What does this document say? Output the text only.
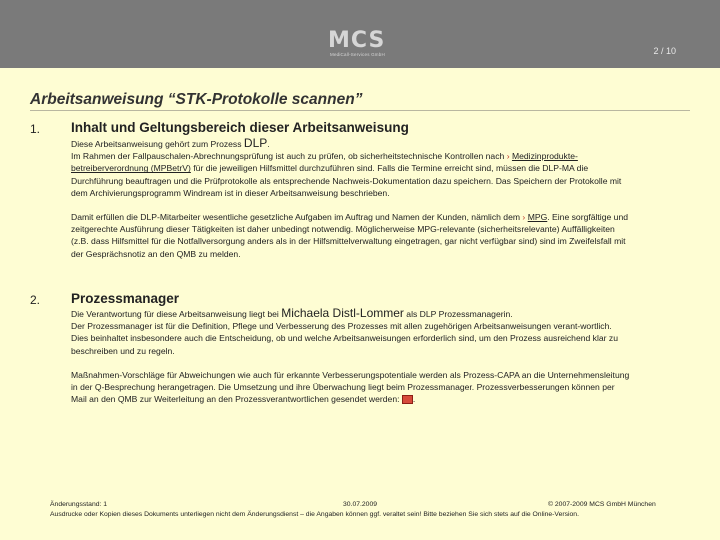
MCS
MediCall-Services GmbH	2 / 10
Arbeitsanweisung “STK-Protokolle scannen”
1. Inhalt und Geltungsbereich dieser Arbeitsanweisung

Diese Arbeitsanweisung gehört zum Prozess DLP.

Im Rahmen der Fallpauschalen-Abrechnungsprüfung ist auch zu prüfen, ob sicherheitstechnische Kontrollen nach › Medizinprodukte-betreiberverordnung (MPBetrV) für die jeweiligen Hilfsmittel durchzuführen sind. Falls die Termine erreicht sind, müssen die DLP-MA die Durchführung beauftragen und die Prüfprotokolle als entsprechende Nachweis-Dokumentation dazu speichern. Das Speichern der Protokolle mit dem Archivierungsprogramm Windream ist in dieser Arbeitsanweisung beschrieben.

Damit erfüllen die DLP-Mitarbeiter wesentliche gesetzliche Aufgaben im Auftrag und Namen der Kunden, nämlich dem › MPG. Eine sorgfältige und zeitgerechte Ausführung dieser Tätigkeiten ist daher unbedingt notwendig. Möglicherweise MPG-relevante (sicherheitsrelevante) Auffälligkeiten (z.B. dass Hilfsmittel für die Notfallversorgung anders als in der Hilfsmittelverwaltung eingetragen, gar nicht verfügbar sind) sind im Zweifelsfall mit der Gesprächsnotiz an den QMB zu melden.

2. Prozessmanager

Die Verantwortung für diese Arbeitsanweisung liegt bei Michaela Distl-Lommer als DLP Prozessmanagerin.

Der Prozessmanager ist für die Definition, Pflege und Verbesserung des Prozesses mit allen zugehörigen Arbeitsanweisungen verant-wortlich. Dies beinhaltet insbesondere auch die Entscheidung, ob und welche Arbeitsanweisungen erforderlich sind, um den Prozess ausreichend klar zu beschreiben und zu regeln.

Maßnahmen-Vorschläge für Abweichungen wie auch für erkannte Verbesserungspotentiale werden als Prozess-CAPA an die Unternehmensleitung in der Q-Besprechung herangetragen. Die Umsetzung und ihre Überwachung liegt beim Prozessmanager. Prozessverbesserungen können per Mail an den QMB zur Weiterleitung an den Prozessverantwortlichen gesendet werden: .

Änderungsstand: 1	30.07.2009	© 2007-2009 MCS GmbH München
Ausdrucke oder Kopien dieses Dokuments unterliegen nicht dem Änderungsdienst – die Angaben können ggf. veraltet sein! Bitte beziehen Sie sich stets auf die Online-Version.
